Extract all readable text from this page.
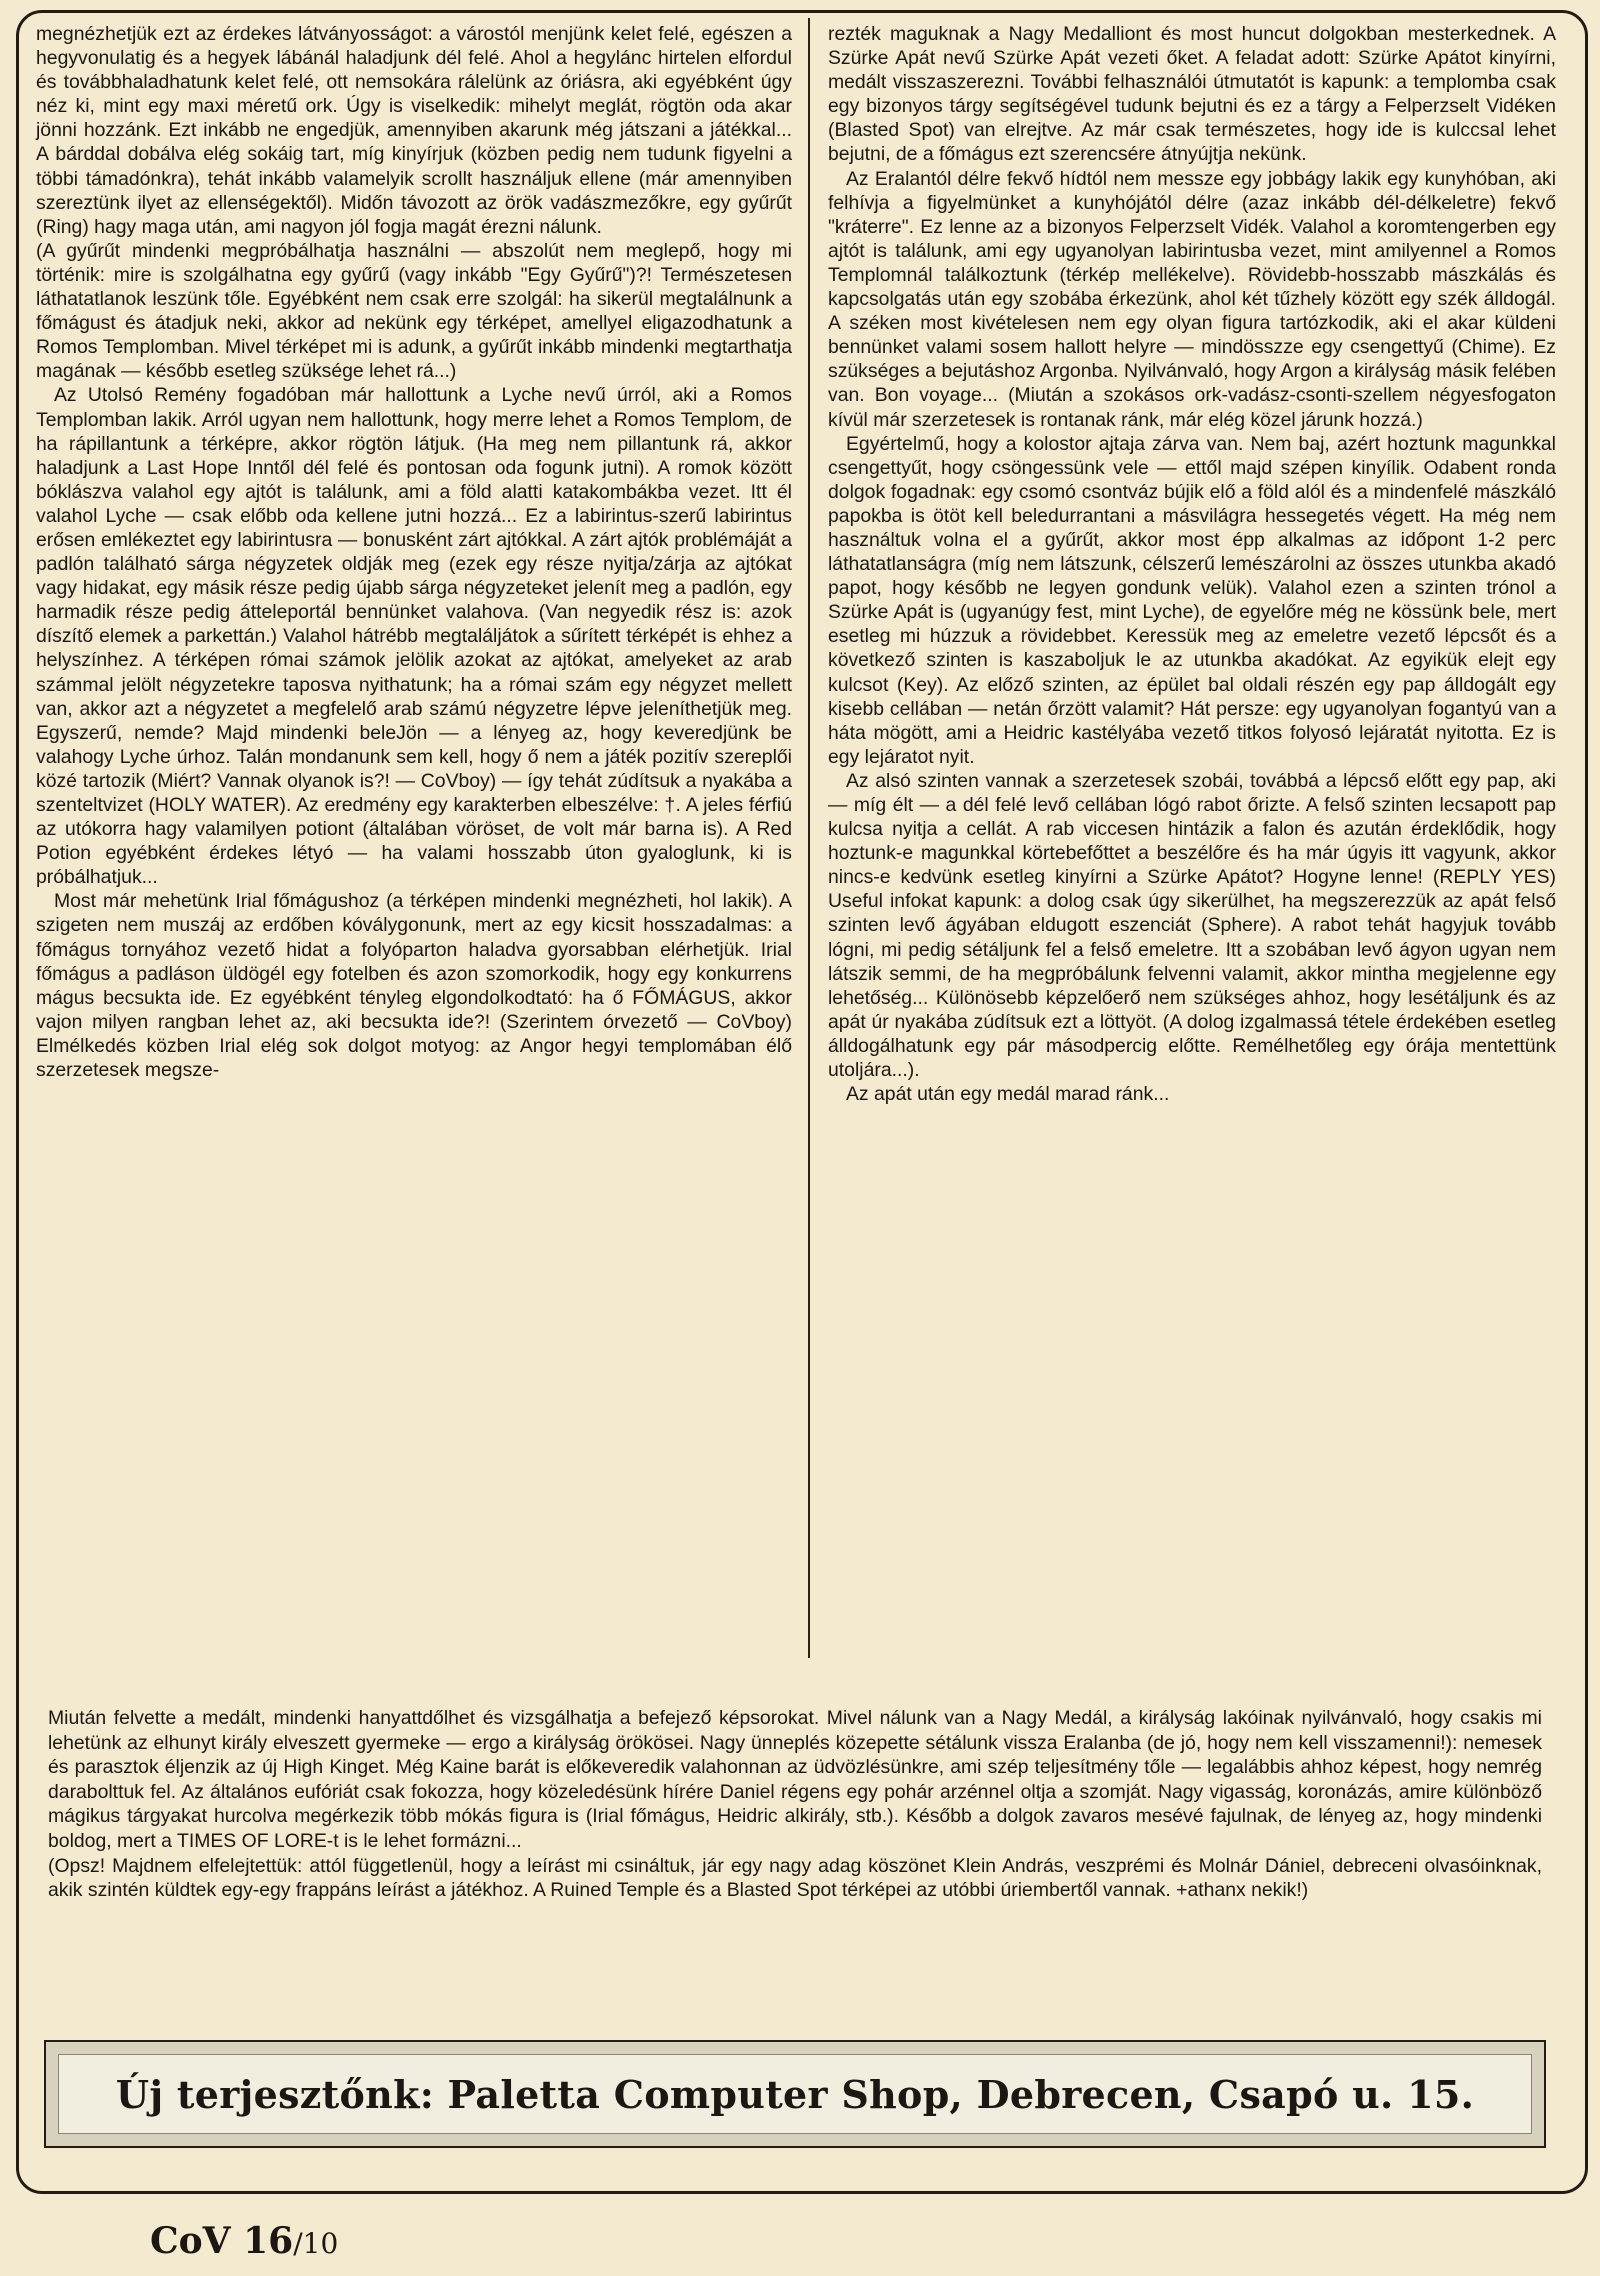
megnézhetjük ezt az érdekes látványosságot: a várostól menjünk kelet felé, egészen a hegyvonulatig és a hegyek lábánál haladjunk dél felé. Ahol a hegylánc hirtelen elfordul és továbbhaladhatunk kelet felé, ott nemsokára rálelünk az óriásra, aki egyébként úgy néz ki, mint egy maxi méretű ork. Úgy is viselkedik: mihelyt meglát, rögtön oda akar jönni hozzánk. Ezt inkább ne engedjük, amennyiben akarunk még játszani a játékkal... A bárddal dobálva elég sokáig tart, míg kinyírjuk (közben pedig nem tudunk figyelni a többi támadónkra), tehát inkább valamelyik scrollt használjuk ellene (már amennyiben szereztünk ilyet az ellenségektől). Midőn távozott az örök vadászmezőkre, egy gyűrűt (Ring) hagy maga után, ami nagyon jól fogja magát érezni nálunk.

(A gyűrűt mindenki megpróbálhatja használni — abszolút nem meglepő, hogy mi történik: mire is szolgálhatna egy gyűrű (vagy inkább "Egy Gyűrű")?! Természetesen láthatatlanok leszünk tőle. Egyébként nem csak erre szolgál: ha sikerül megtalálnunk a főmágust és átadjuk neki, akkor ad nekünk egy térképet, amellyel eligazodhatunk a Romos Templomban. Mivel térképet mi is adunk, a gyűrűt inkább mindenki megtarthatja magának — később esetleg szüksége lehet rá...)

Az Utolsó Remény fogadóban már hallottunk a Lyche nevű úrról, aki a Romos Templomban lakik. Arról ugyan nem hallottunk, hogy merre lehet a Romos Templom, de ha rápillantunk a térképre, akkor rögtön látjuk. (Ha meg nem pillantunk rá, akkor haladjunk a Last Hope Inntől dél felé és pontosan oda fogunk jutni). A romok között bóklászva valahol egy ajtót is találunk, ami a föld alatti katakombákba vezet. Itt él valahol Lyche — csak előbb oda kellene jutni hozzá... Ez a labirintus-szerű labirintus erősen emlékeztet egy labirintusra — bonusként zárt ajtókkal. A zárt ajtók problémáját a padlón található sárga négyzetek oldják meg (ezek egy része nyitja/zárja az ajtókat vagy hidakat, egy másik része pedig újabb sárga négyzeteket jelenít meg a padlón, egy harmadik része pedig átteleportál bennünket valahova. (Van negyedik rész is: azok díszítő elemek a parkettán.) Valahol hátrébb megtaláljátok a sűrített térképét is ehhez a helyszínhez. A térképen római számok jelölik azokat az ajtókat, amelyeket az arab számmal jelölt négyzetekre taposva nyithatunk; ha a római szám egy négyzet mellett van, akkor azt a négyzetet a megfelelő arab számú négyzetre lépve jeleníthetjük meg. Egyszerű, nemde? Majd mindenki beleJön — a lényeg az, hogy keveredjünk be valahogy Lyche úrhoz. Talán mondanunk sem kell, hogy ő nem a játék pozitív szereplői közé tartozik (Miért? Vannak olyanok is?! — CoVboy) — így tehát zúdítsuk a nyakába a szenteltvizet (HOLY WATER). Az eredmény egy karakterben elbeszélve: †. A jeles férfiú az utókorra hagy valamilyen potiont (általában vöröset, de volt már barna is). A Red Potion egyébként érdekes létyó — ha valami hosszabb úton gyaloglunk, ki is próbálhatjuk...

Most már mehetünk Irial főmágushoz (a térképen mindenki megnézheti, hol lakik). A szigeten nem muszáj az erdőben kóválygonunk, mert az egy kicsit hosszadalmas: a főmágus tornyához vezető hidat a folyóparton haladva gyorsabban elérhetjük. Irial főmágus a padláson üldögél egy fotelben és azon szomorkodik, hogy egy konkurrens mágus becsukta ide. Ez egyébként tényleg elgondolkodtató: ha ő FŐMÁGUS, akkor vajon milyen rangban lehet az, aki becsukta ide?! (Szerintem órvezető — CoVboy) Elmélkedés közben Irial elég sok dolgot motyog: az Angor hegyi templomában élő szerzetesek megsze-

rezték maguknak a Nagy Medalliont és most huncut dolgokban mesterkednek. A Szürke Apát nevű Szürke Apát vezeti őket. A feladat adott: Szürke Apátot kinyírni, medált visszaszerezni. További felhasználói útmutatót is kapunk: a templomba csak egy bizonyos tárgy segítségével tudunk bejutni és ez a tárgy a Felperzselt Vidéken (Blasted Spot) van elrejtve. Az már csak természetes, hogy ide is kulccsal lehet bejutni, de a főmágus ezt szerencsére átnyújtja nekünk.

Az Eralantól délre fekvő hídtól nem messze egy jobbágy lakik egy kunyhóban, aki felhívja a figyelmünket a kunyhójától délre (azaz inkább dél-délkeletre) fekvő "kráterre". Ez lenne az a bizonyos Felperzselt Vidék. Valahol a koromtengerben egy ajtót is találunk, ami egy ugyanolyan labirintusba vezet, mint amilyennel a Romos Templomnál találkoztunk (térkép mellékelve). Rövidebb-hosszabb mászkálás és kapcsolgatás után egy szobába érkezünk, ahol két tűzhely között egy szék álldogál. A széken most kivételesen nem egy olyan figura tartózkodik, aki el akar küldeni bennünket valami sosem hallott helyre — mindösszze egy csengettyű (Chime). Ez szükséges a bejutáshoz Argonba. Nyilvánvaló, hogy Argon a királyság másik felében van. Bon voyage... (Miután a szokásos ork-vadász-csonti-szellem négyesfogaton kívül már szerzetesek is rontanak ránk, már elég közel járunk hozzá.)

Egyértelmű, hogy a kolostor ajtaja zárva van. Nem baj, azért hoztunk magunkkal csengettyűt, hogy csöngessünk vele — ettől majd szépen kinyílik. Odabent ronda dolgok fogadnak: egy csomó csontváz bújik elő a föld alól és a mindenfelé mászkáló papokba is ötöt kell beledurrantani a másvilágra hessegetés végett. Ha még nem használtuk volna el a gyűrűt, akkor most épp alkalmas az időpont 1-2 perc láthatatlanságra (míg nem látszunk, célszerű lemészárolni az összes utunkba akadó papot, hogy később ne legyen gondunk velük). Valahol ezen a szinten trónol a Szürke Apát is (ugyanúgy fest, mint Lyche), de egyelőre még ne kössünk bele, mert esetleg mi húzzuk a rövidebbet. Keressük meg az emeletre vezető lépcsőt és a következő szinten is kaszaboljuk le az utunkba akadókat. Az egyikük elejt egy kulcsot (Key). Az előző szinten, az épület bal oldali részén egy pap álldogált egy kisebb cellában — netán őrzött valamit? Hát persze: egy ugyanolyan fogantyú van a háta mögött, ami a Heidric kastélyába vezető titkos folyosó lejáratát nyitotta. Ez is egy lejáratot nyit.

Az alsó szinten vannak a szerzetesek szobái, továbbá a lépcső előtt egy pap, aki — míg élt — a dél felé levő cellában lógó rabot őrizte. A felső szinten lecsapott pap kulcsa nyitja a cellát. A rab viccesen hintázik a falon és azután érdeklődik, hogy hoztunk-e magunkkal körtebefőttet a beszélőre és ha már úgyis itt vagyunk, akkor nincs-e kedvünk esetleg kinyírni a Szürke Apátot? Hogyne lenne! (REPLY YES) Useful infokat kapunk: a dolog csak úgy sikerülhet, ha megszerezzük az apát felső szinten levő ágyában eldugott eszenciát (Sphere). A rabot tehát hagyjuk tovább lógni, mi pedig sétáljunk fel a felső emeletre. Itt a szobában levő ágyon ugyan nem látszik semmi, de ha megpróbálunk felvenni valamit, akkor mintha megjelenne egy lehetőség... Különösebb képzelőerő nem szükséges ahhoz, hogy lesétáljunk és az apát úr nyakába zúdítsuk ezt a löttyöt. (A dolog izgalmassá tétele érdekében esetleg álldogálhatunk egy pár másodpercig előtte. Remélhetőleg egy órája mentettünk utoljára...).

Az apát után egy medál marad ránk...

Miután felvette a medált, mindenki hanyattdőlhet és vizsgálhatja a befejező képsorokat. Mivel nálunk van a Nagy Medál, a királyság lakóinak nyilvánvaló, hogy csakis mi lehetünk az elhunyt király elveszett gyermeke — ergo a királyság örökösei. Nagy ünneplés közepette sétálunk vissza Eralanba (de jó, hogy nem kell visszamenni!): nemesek és parasztok éljenzik az új High Kinget. Még Kaine barát is előkeveredik valahonnan az üdvözlésünkre, ami szép teljesítmény tőle — legalábbis ahhoz képest, hogy nemrég darabolttuk fel. Az általános eufóriát csak fokozza, hogy közeledésünk hírére Daniel régens egy pohár arzénnel oltja a szomját. Nagy vigasság, koronázás, amire különböző mágikus tárgyakat hurcolva megérkezik több mókás figura is (Irial főmágus, Heidric alkirály, stb.). Később a dolgok zavaros mesévé fajulnak, de lényeg az, hogy mindenki boldog, mert a TIMES OF LORE-t is le lehet formázni...

(Opsz! Majdnem elfelejtettük: attól függetlenül, hogy a leírást mi csináltuk, jár egy nagy adag köszönet Klein András, veszprémi és Molnár Dániel, debreceni olvasóinknak, akik szintén küldtek egy-egy frappáns leírást a játékhoz. A Ruined Temple és a Blasted Spot térképei az utóbbi úriembertől vannak. +athanx nekik!)

Új terjesztőnk: Paletta Computer Shop, Debrecen, Csapó u. 15.
CoV 16/10
